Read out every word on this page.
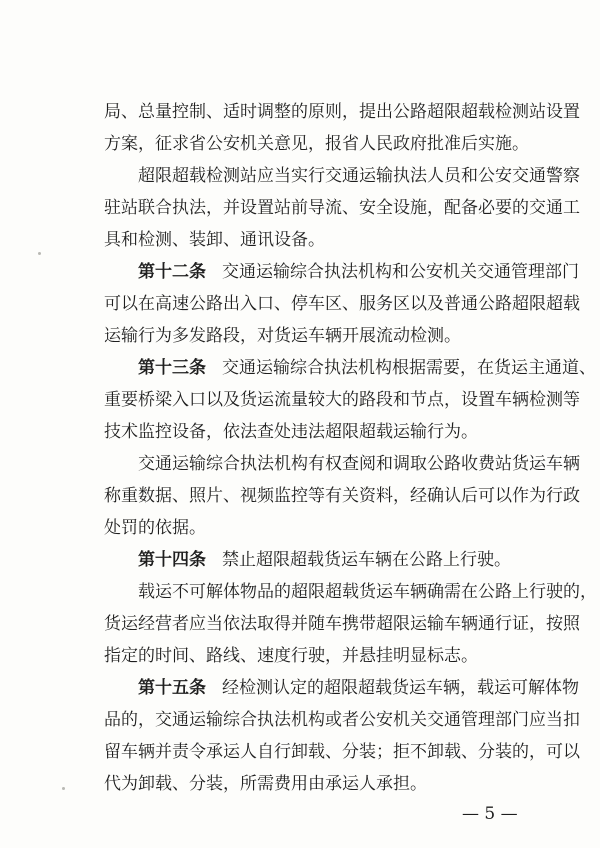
局、总量控制、适时调整的原则，提出公路超限超载检测站设置
方案，征求省公安机关意见，报省人民政府批准后实施。
超限超载检测站应当实行交通运输执法人员和公安交通警察
驻站联合执法，并设置站前导流、安全设施，配备必要的交通工
具和检测、装卸、通讯设备。
第十二条 交通运输综合执法机构和公安机关交通管理部门
可以在高速公路出入口、停车区、服务区以及普通公路超限超载
运输行为多发路段，对货运车辆开展流动检测。
第十三条 交通运输综合执法机构根据需要，在货运主通道、
重要桥梁入口以及货运流量较大的路段和节点，设置车辆检测等
技术监控设备，依法查处违法超限超载运输行为。
交通运输综合执法机构有权查阅和调取公路收费站货运车辆
称重数据、照片、视频监控等有关资料，经确认后可以作为行政
处罚的依据。
第十四条 禁止超限超载货运车辆在公路上行驶。
载运不可解体物品的超限超载货运车辆确需在公路上行驶的，
货运经营者应当依法取得并随车携带超限运输车辆通行证，按照
指定的时间、路线、速度行驶，并悬挂明显标志。
第十五条 经检测认定的超限超载货运车辆，载运可解体物
品的，交通运输综合执法机构或者公安机关交通管理部门应当扣
留车辆并责令承运人自行卸载、分装；拒不卸载、分装的，可以
代为卸载、分装，所需费用由承运人承担。
— 5 —
